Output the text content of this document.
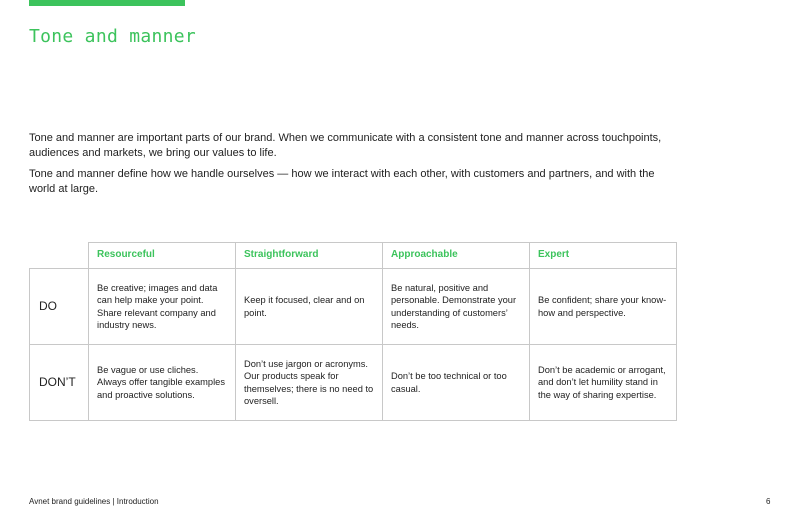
Tone and manner

Tone and manner are important parts of our brand. When we communicate with a consistent tone and manner across touchpoints, audiences and markets, we bring our values to life.

Tone and manner define how we handle ourselves — how we interact with each other, with customers and partners, and with the world at large.

	Resourceful	Straightforward	Approachable	Expert
DO	Be creative; images and data can help make your point. Share relevant company and industry news.	Keep it focused, clear and on point.	Be natural, positive and personable. Demonstrate your understanding of customers’ needs.	Be confident; share your know-how and perspective.
DON’T	Be vague or use cliches. Always offer tangible examples and proactive solutions.	Don’t use jargon or acronyms. Our products speak for themselves; there is no need to oversell.	Don’t be too technical or too casual.	Don’t be academic or arrogant, and don’t let humility stand in the way of sharing expertise.
Avnet brand guidelines | Introduction	6
